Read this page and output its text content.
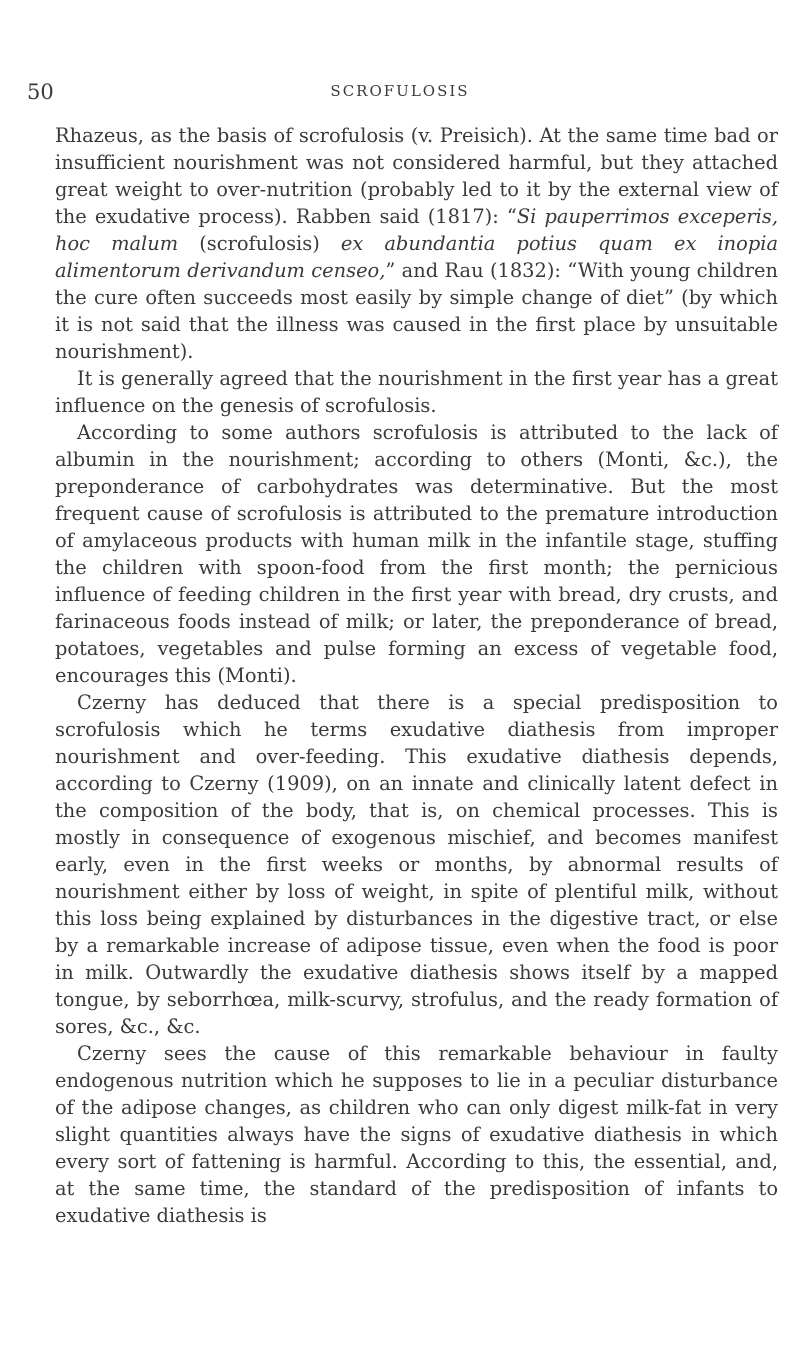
50	SCROFULOSIS

Rhazeus, as the basis of scrofulosis (v. Preisich). At the same time bad or insufficient nourishment was not considered harmful, but they attached great weight to over-nutrition (probably led to it by the external view of the exudative process). Rabben said (1817): “Si pauperrimos exceperis, hoc malum (scrofulosis) ex abundantia potius quam ex inopia alimentorum derivandum censeo,” and Rau (1832): “With young children the cure often succeeds most easily by simple change of diet” (by which it is not said that the illness was caused in the first place by unsuitable nourishment).

It is generally agreed that the nourishment in the first year has a great influence on the genesis of scrofulosis.

According to some authors scrofulosis is attributed to the lack of albumin in the nourishment; according to others (Monti, &c.), the preponderance of carbohydrates was determinative. But the most frequent cause of scrofulosis is attributed to the premature introduction of amylaceous products with human milk in the infantile stage, stuffing the children with spoon-food from the first month; the pernicious influence of feeding children in the first year with bread, dry crusts, and farinaceous foods instead of milk; or later, the preponderance of bread, potatoes, vegetables and pulse forming an excess of vegetable food, encourages this (Monti).

Czerny has deduced that there is a special predisposition to scrofulosis which he terms exudative diathesis from improper nourishment and over-feeding. This exudative diathesis depends, according to Czerny (1909), on an innate and clinically latent defect in the composition of the body, that is, on chemical processes. This is mostly in consequence of exogenous mischief, and becomes manifest early, even in the first weeks or months, by abnormal results of nourishment either by loss of weight, in spite of plentiful milk, without this loss being explained by disturbances in the digestive tract, or else by a remarkable increase of adipose tissue, even when the food is poor in milk. Outwardly the exudative diathesis shows itself by a mapped tongue, by seborrhœa, milk-scurvy, strofulus, and the ready formation of sores, &c., &c.

Czerny sees the cause of this remarkable behaviour in faulty endogenous nutrition which he supposes to lie in a peculiar disturbance of the adipose changes, as children who can only digest milk-fat in very slight quantities always have the signs of exudative diathesis in which every sort of fattening is harmful. According to this, the essential, and, at the same time, the standard of the predisposition of infants to exudative diathesis is
